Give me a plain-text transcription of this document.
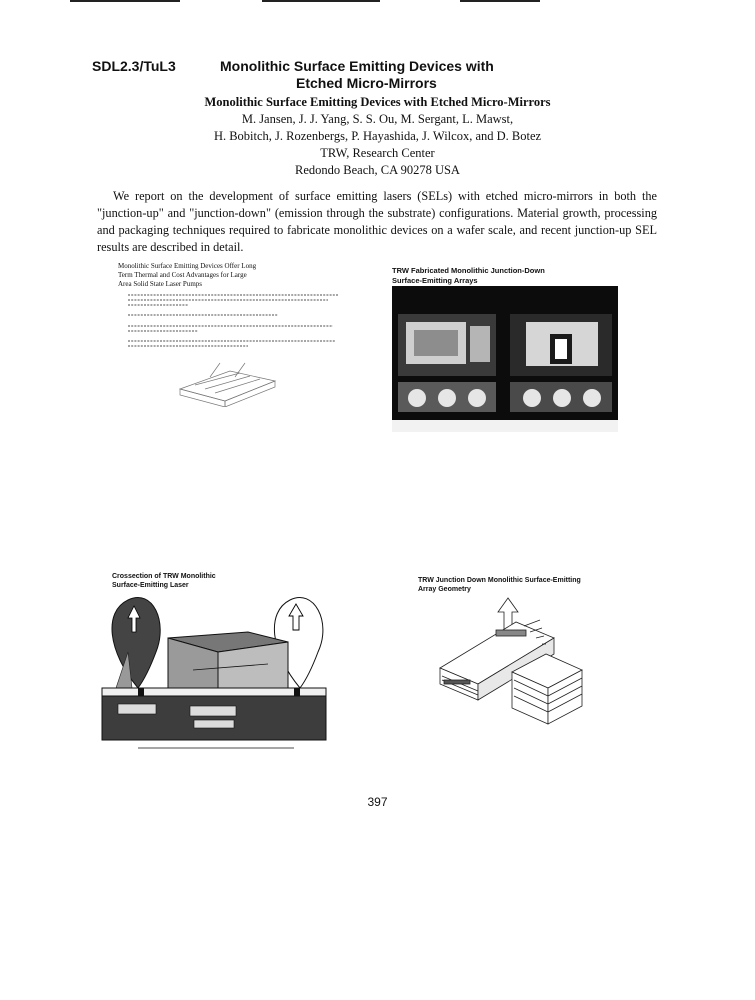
SDL2.3/TuL3	Monolithic Surface Emitting Devices with
Etched Micro-Mirrors
Monolithic Surface Emitting Devices with Etched Micro-Mirrors
M. Jansen, J. J. Yang, S. S. Ou, M. Sergant, L. Mawst,
H. Bobitch, J. Rozenbergs, P. Hayashida, J. Wilcox, and D. Botez
TRW, Research Center
Redondo Beach, CA 90278 USA
We report on the development of surface emitting lasers (SELs) with etched micro-mirrors in both the "junction-up" and "junction-down" (emission through the substrate) configurations. Material growth, processing and packaging techniques required to fabricate monolithic devices on a wafer scale, and recent junction-up SEL results are described in detail.
Monolithic Surface Emitting Devices Offer Long
Term Thermal and Cost Advantages for Large
Area Solid State Laser Pumps
TRW Fabricated Monolithic Junction-Down
Surface-Emitting Arrays
Crossection of TRW Monolithic
Surface-Emitting Laser
TRW Junction Down Monolithic Surface-Emitting
Array Geometry
397
